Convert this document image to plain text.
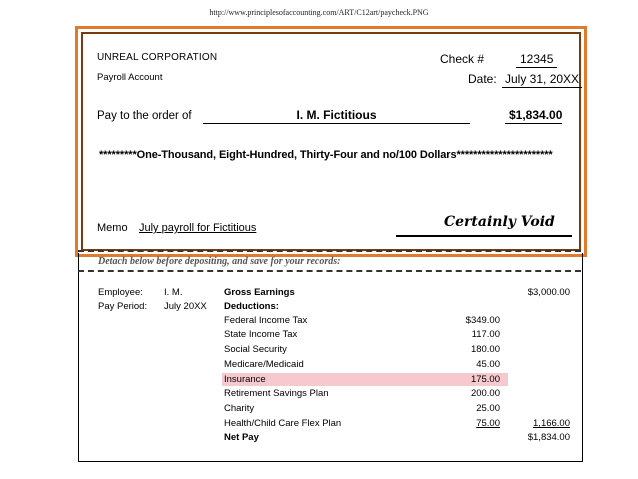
http://www.principlesofaccounting.com/ART/C12art/paycheck.PNG
UNREAL CORPORATION
Payroll Account
Check #	12345
Date: July 31, 20XX
Pay to the order of	I. M. Fictitious	$1,834.00
*********One-Thousand, Eight-Hundred, Thirty-Four and no/100 Dollars***********************
Memo July payroll for Fictitious	Certainly Void
Detach below before depositing, and save for your records:
Employee: I. M.
Pay Period: July 20XX
Gross Earnings	$3,000.00
Deductions:
Federal Income Tax	$349.00
State Income Tax	117.00
Social Security	180.00
Medicare/Medicaid	45.00
Insurance	175.00
Retirement Savings Plan	200.00
Charity	25.00
Health/Child Care Flex Plan	75.00	1,166.00
Net Pay	$1,834.00
